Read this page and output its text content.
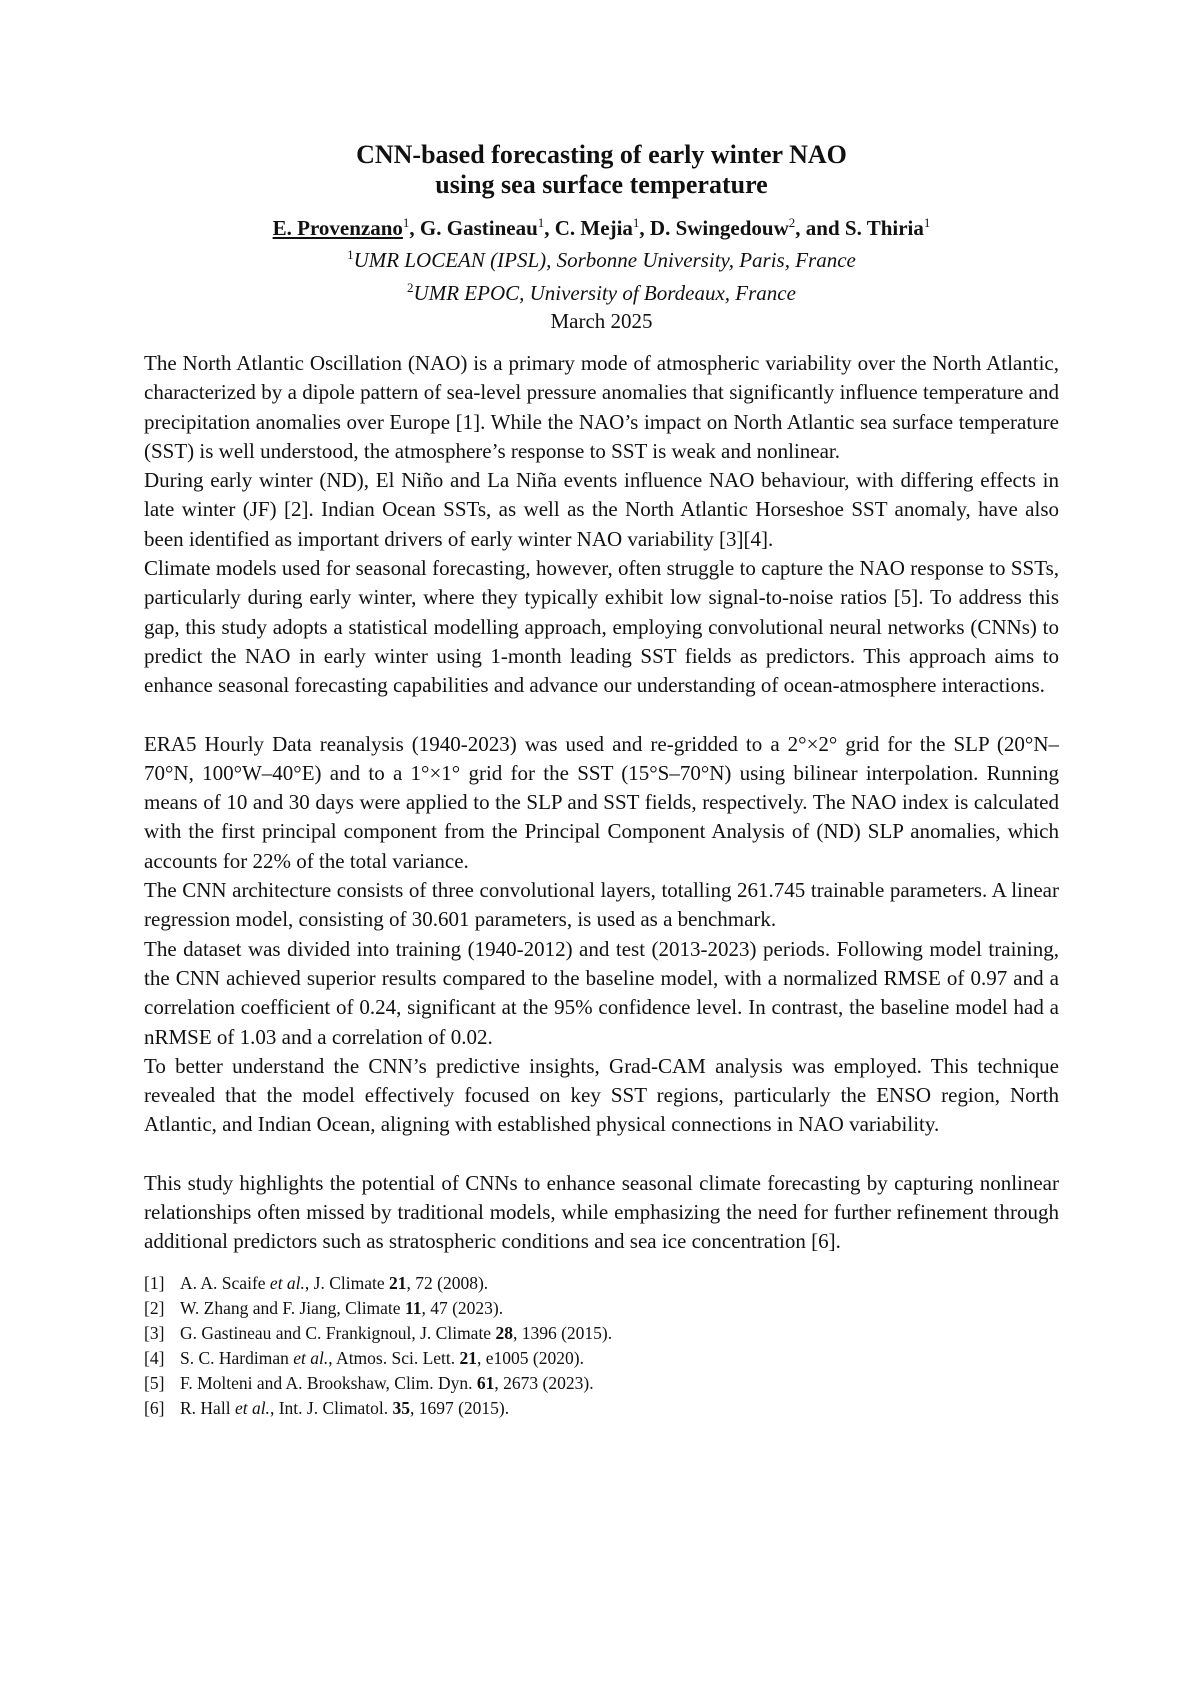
CNN-based forecasting of early winter NAO
using sea surface temperature
E. Provenzano$^1$, G. Gastineau$^1$, C. Mejia$^1$, D. Swingedouw$^2$, and S. Thiria$^1$
$^1$UMR LOCEAN (IPSL), Sorbonne University, Paris, France
$^2$UMR EPOC, University of Bordeaux, France
March 2025

The North Atlantic Oscillation (NAO) is a primary mode of atmospheric variability over the North Atlantic, characterized by a dipole pattern of sea-level pressure anomalies that significantly influence temperature and precipitation anomalies over Europe [1]. While the NAO’s impact on North Atlantic sea surface temperature (SST) is well understood, the atmosphere’s response to SST is weak and nonlinear.

During early winter (ND), El Niño and La Niña events influence NAO behaviour, with differing effects in late winter (JF) [2]. Indian Ocean SSTs, as well as the North Atlantic Horseshoe SST anomaly, have also been identified as important drivers of early winter NAO variability [3][4].

Climate models used for seasonal forecasting, however, often struggle to capture the NAO response to SSTs, particularly during early winter, where they typically exhibit low signal-to-noise ratios [5]. To address this gap, this study adopts a statistical modelling approach, employing convolutional neural networks (CNNs) to predict the NAO in early winter using 1-month leading SST fields as predictors. This approach aims to enhance seasonal forecasting capabilities and advance our understanding of ocean-atmosphere interactions.

ERA5 Hourly Data reanalysis (1940-2023) was used and re-gridded to a 2°×2° grid for the SLP (20°N–70°N, 100°W–40°E) and to a 1°×1° grid for the SST (15°S–70°N) using bilinear interpolation. Running means of 10 and 30 days were applied to the SLP and SST fields, respectively. The NAO index is calculated with the first principal component from the Principal Component Analysis of (ND) SLP anomalies, which accounts for 22% of the total variance.

The CNN architecture consists of three convolutional layers, totalling 261.745 trainable parameters. A linear regression model, consisting of 30.601 parameters, is used as a benchmark.

The dataset was divided into training (1940-2012) and test (2013-2023) periods. Following model training, the CNN achieved superior results compared to the baseline model, with a normalized RMSE of 0.97 and a correlation coefficient of 0.24, significant at the 95% confidence level. In contrast, the baseline model had a nRMSE of 1.03 and a correlation of 0.02.

To better understand the CNN’s predictive insights, Grad-CAM analysis was employed. This technique revealed that the model effectively focused on key SST regions, particularly the ENSO region, North Atlantic, and Indian Ocean, aligning with established physical connections in NAO variability.

This study highlights the potential of CNNs to enhance seasonal climate forecasting by capturing nonlinear relationships often missed by traditional models, while emphasizing the need for further refinement through additional predictors such as stratospheric conditions and sea ice concentration [6].

[1] A. A. Scaife et al., J. Climate 21, 72 (2008).
[2] W. Zhang and F. Jiang, Climate 11, 47 (2023).
[3] G. Gastineau and C. Frankignoul, J. Climate 28, 1396 (2015).
[4] S. C. Hardiman et al., Atmos. Sci. Lett. 21, e1005 (2020).
[5] F. Molteni and A. Brookshaw, Clim. Dyn. 61, 2673 (2023).
[6] R. Hall et al., Int. J. Climatol. 35, 1697 (2015).
